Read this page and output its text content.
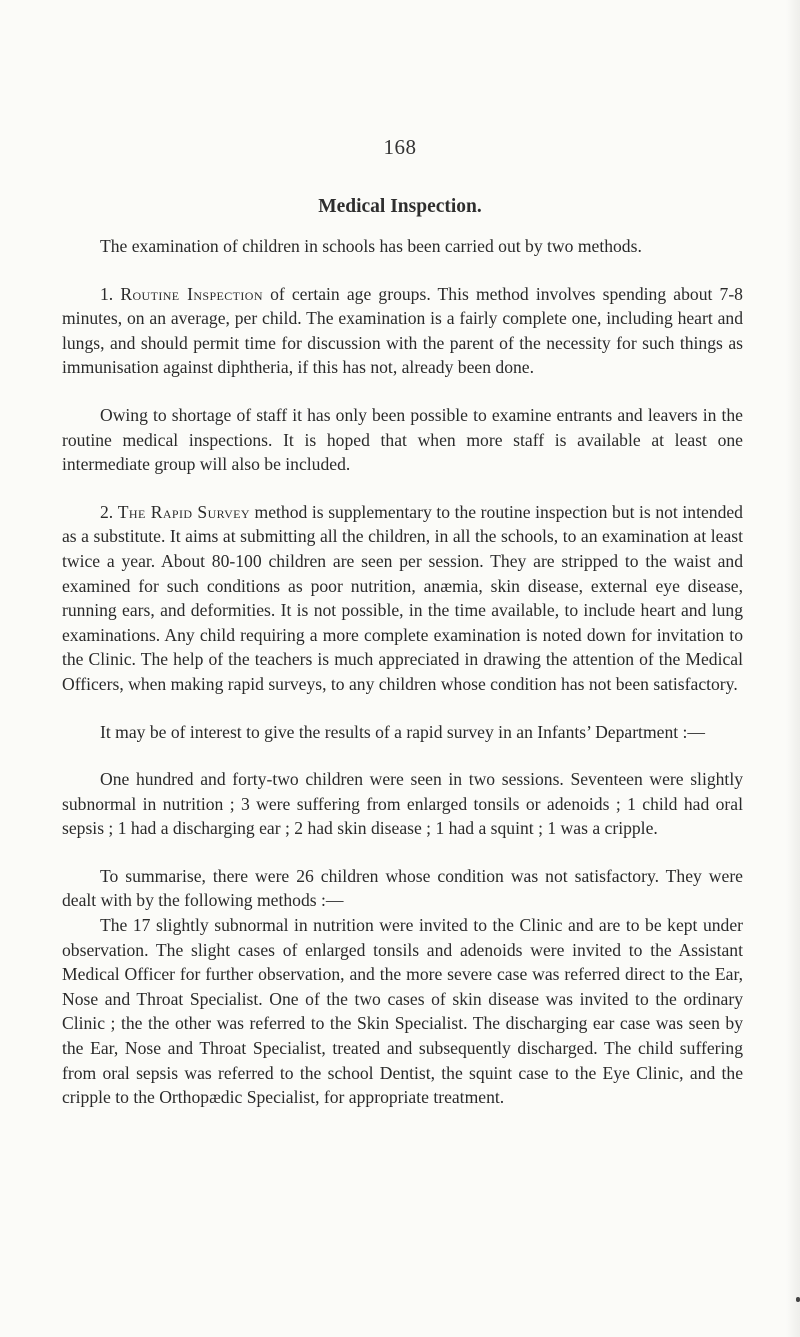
168
Medical Inspection.

The examination of children in schools has been carried out by two methods.

1. Routine Inspection of certain age groups. This method involves spending about 7-8 minutes, on an average, per child. The examination is a fairly complete one, including heart and lungs, and should permit time for discussion with the parent of the necessity for such things as immunisation against diphtheria, if this has not, already been done.

Owing to shortage of staff it has only been possible to examine entrants and leavers in the routine medical inspections. It is hoped that when more staff is available at least one intermediate group will also be included.

2. The Rapid Survey method is supplementary to the routine inspection but is not intended as a substitute. It aims at submitting all the children, in all the schools, to an examination at least twice a year. About 80-100 children are seen per session. They are stripped to the waist and examined for such conditions as poor nutrition, anæmia, skin disease, external eye disease, running ears, and deformities. It is not possible, in the time available, to include heart and lung examinations. Any child requiring a more complete examination is noted down for invitation to the Clinic. The help of the teachers is much appreciated in drawing the attention of the Medical Officers, when making rapid surveys, to any children whose condition has not been satisfactory.

It may be of interest to give the results of a rapid survey in an Infants’ Department :—

One hundred and forty-two children were seen in two sessions. Seventeen were slightly subnormal in nutrition ; 3 were suffering from enlarged tonsils or adenoids ; 1 child had oral sepsis ; 1 had a discharging ear ; 2 had skin disease ; 1 had a squint ; 1 was a cripple.

To summarise, there were 26 children whose condition was not satisfactory. They were dealt with by the following methods :—

The 17 slightly subnormal in nutrition were invited to the Clinic and are to be kept under observation. The slight cases of enlarged tonsils and adenoids were invited to the Assistant Medical Officer for further observation, and the more severe case was referred direct to the Ear, Nose and Throat Specialist. One of the two cases of skin disease was invited to the ordinary Clinic ; the the other was referred to the Skin Specialist. The discharging ear case was seen by the Ear, Nose and Throat Specialist, treated and subsequently discharged. The child suffering from oral sepsis was referred to the school Dentist, the squint case to the Eye Clinic, and the cripple to the Orthopædic Specialist, for appropriate treatment.
